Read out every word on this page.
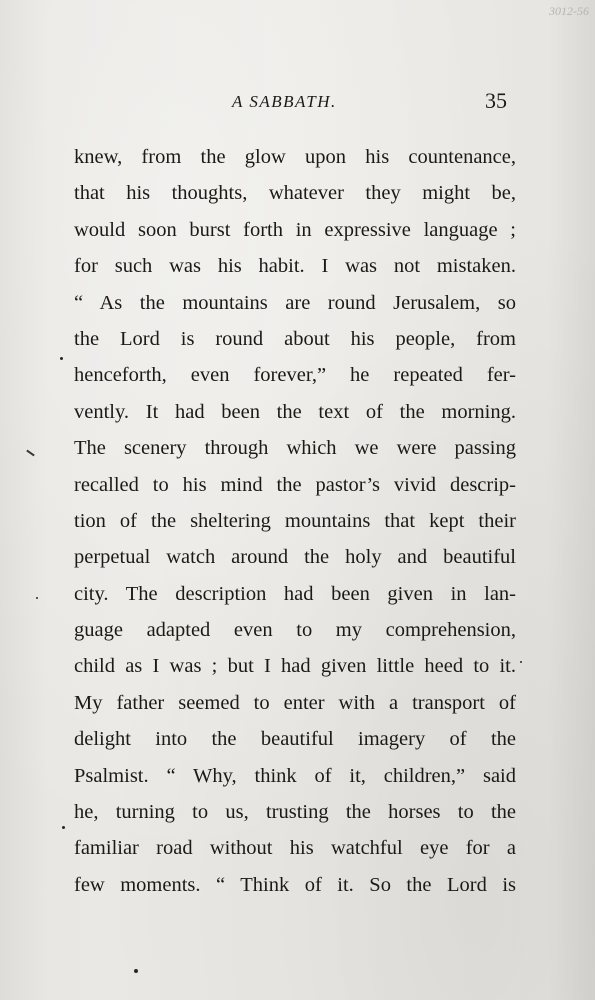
3012-56
A SABBATH.	35
knew, from the glow upon his countenance,
that his thoughts, whatever they might be,
would soon burst forth in expressive language ;
for such was his habit. I was not mistaken.
“ As the mountains are round Jerusalem, so
the Lord is round about his people, from
henceforth, even forever,” he repeated fer-
vently. It had been the text of the morning.
The scenery through which we were passing
recalled to his mind the pastor’s vivid descrip-
tion of the sheltering mountains that kept their
perpetual watch around the holy and beautiful
city. The description had been given in lan-
guage adapted even to my comprehension,
child as I was ; but I had given little heed to it.
My father seemed to enter with a transport of
delight into the beautiful imagery of the
Psalmist. “ Why, think of it, children,” said
he, turning to us, trusting the horses to the
familiar road without his watchful eye for a
few moments. “ Think of it. So the Lord is
